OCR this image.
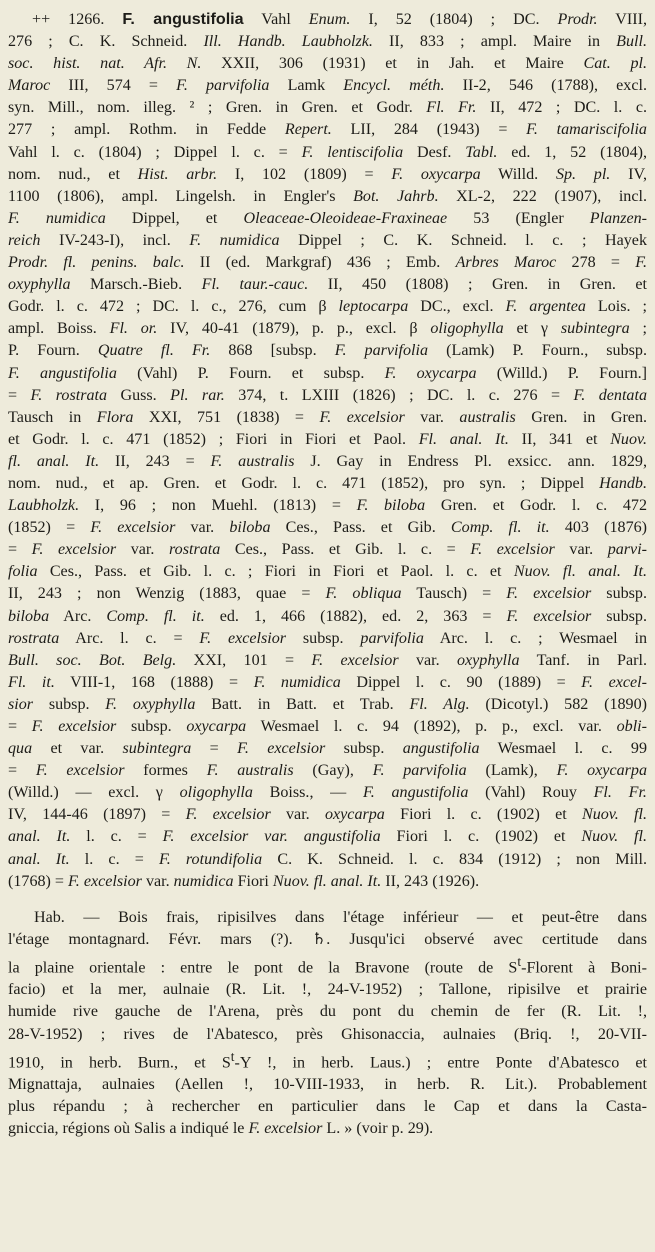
++ 1266. F. angustifolia Vahl Enum. I, 52 (1804) ; DC. Prodr. VIII,
276 ; C. K. Schneid. Ill. Handb. Laubholzk. II, 833 ; ampl. Maire in Bull.
soc. hist. nat. Afr. N. XXII, 306 (1931) et in Jah. et Maire Cat. pl.
Maroc III, 574 = F. parvifolia Lamk Encycl. méth. II-2, 546 (1788), excl.
syn. Mill., nom. illeg. ² ; Gren. in Gren. et Godr. Fl. Fr. II, 472 ; DC. l. c.
277 ; ampl. Rothm. in Fedde Repert. LII, 284 (1943) = F. tamariscifolia
Vahl l. c. (1804) ; Dippel l. c. = F. lentiscifolia Desf. Tabl. ed. 1, 52 (1804),
nom. nud., et Hist. arbr. I, 102 (1809) = F. oxycarpa Willd. Sp. pl. IV,
1100 (1806), ampl. Lingelsh. in Engler's Bot. Jahrb. XL-2, 222 (1907), incl.
F. numidica Dippel, et Oleaceae-Oleoideae-Fraxineae 53 (Engler Planzen-
reich IV-243-I), incl. F. numidica Dippel ; C. K. Schneid. l. c. ; Hayek
Prodr. fl. penins. balc. II (ed. Markgraf) 436 ; Emb. Arbres Maroc 278 = F.
oxyphylla Marsch.-Bieb. Fl. taur.-cauc. II, 450 (1808) ; Gren. in Gren. et
Godr. l. c. 472 ; DC. l. c., 276, cum β leptocarpa DC., excl. F. argentea Lois. ;
ampl. Boiss. Fl. or. IV, 40-41 (1879), p. p., excl. β oligophylla et γ subintegra ;
P. Fourn. Quatre fl. Fr. 868 [subsp. F. parvifolia (Lamk) P. Fourn., subsp.
F. angustifolia (Vahl) P. Fourn. et subsp. F. oxycarpa (Willd.) P. Fourn.]
= F. rostrata Guss. Pl. rar. 374, t. LXIII (1826) ; DC. l. c. 276 = F. dentata
Tausch in Flora XXI, 751 (1838) = F. excelsior var. australis Gren. in Gren.
et Godr. l. c. 471 (1852) ; Fiori in Fiori et Paol. Fl. anal. It. II, 341 et Nuov.
fl. anal. It. II, 243 = F. australis J. Gay in Endress Pl. exsicc. ann. 1829,
nom. nud., et ap. Gren. et Godr. l. c. 471 (1852), pro syn. ; Dippel Handb.
Laubholzk. I, 96 ; non Muehl. (1813) = F. biloba Gren. et Godr. l. c. 472
(1852) = F. excelsior var. biloba Ces., Pass. et Gib. Comp. fl. it. 403 (1876)
= F. excelsior var. rostrata Ces., Pass. et Gib. l. c. = F. excelsior var. parvi-
folia Ces., Pass. et Gib. l. c. ; Fiori in Fiori et Paol. l. c. et Nuov. fl. anal. It.
II, 243 ; non Wenzig (1883, quae = F. obliqua Tausch) = F. excelsior subsp.
biloba Arc. Comp. fl. it. ed. 1, 466 (1882), ed. 2, 363 = F. excelsior subsp.
rostrata Arc. l. c. = F. excelsior subsp. parvifolia Arc. l. c. ; Wesmael in
Bull. soc. Bot. Belg. XXI, 101 = F. excelsior var. oxyphylla Tanf. in Parl.
Fl. it. VIII-1, 168 (1888) = F. numidica Dippel l. c. 90 (1889) = F. excel-
sior subsp. F. oxyphylla Batt. in Batt. et Trab. Fl. Alg. (Dicotyl.) 582 (1890)
= F. excelsior subsp. oxycarpa Wesmael l. c. 94 (1892), p. p., excl. var. obli-
qua et var. subintegra = F. excelsior subsp. angustifolia Wesmael l. c. 99
= F. excelsior formes F. australis (Gay), F. parvifolia (Lamk), F. oxycarpa
(Willd.) — excl. γ oligophylla Boiss., — F. angustifolia (Vahl) Rouy Fl. Fr.
IV, 144-46 (1897) = F. excelsior var. oxycarpa Fiori l. c. (1902) et Nuov. fl.
anal. It. l. c. = F. excelsior var. angustifolia Fiori l. c. (1902) et Nuov. fl.
anal. It. l. c. = F. rotundifolia C. K. Schneid. l. c. 834 (1912) ; non Mill.
(1768) = F. excelsior var. numidica Fiori Nuov. fl. anal. It. II, 243 (1926).
Hab. — Bois frais, ripisilves dans l'étage inférieur — et peut-être dans
l'étage montagnard. Févr. mars (?). ♄. Jusqu'ici observé avec certitude dans
la plaine orientale : entre le pont de la Bravone (route de $S^t$-Florent à Boni-
facio) et la mer, aulnaie (R. Lit. !, 24-V-1952) ; Tallone, ripisilve et prairie
humide rive gauche de l'Arena, près du pont du chemin de fer (R. Lit. !,
28-V-1952) ; rives de l'Abatesco, près Ghisonaccia, aulnaies (Briq. !, 20-VII-
1910, in herb. Burn., et $S^t-Y$ !, in herb. Laus.) ; entre Ponte d'Abatesco et
Mignattaja, aulnaies (Aellen !, 10-VIII-1933, in herb. R. Lit.). Probablement
plus répandu ; à rechercher en particulier dans le Cap et dans la Casta-
gniccia, régions où Salis a indiqué le F. excelsior L. » (voir p. 29).
